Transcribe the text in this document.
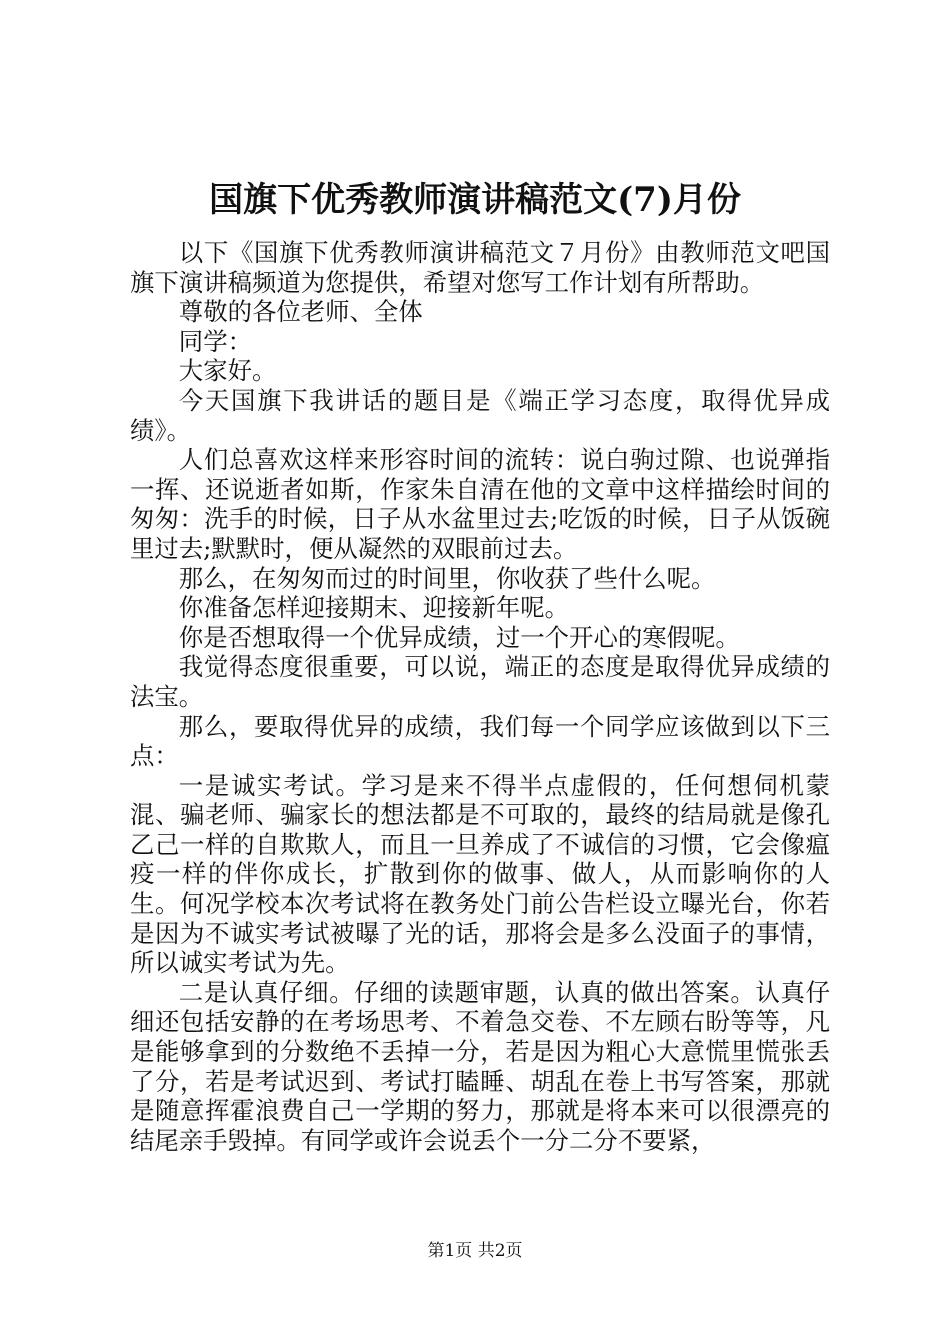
国旗下优秀教师演讲稿范文(7)月份

以下《国旗下优秀教师演讲稿范文７月份》由教师范文吧国旗下演讲稿频道为您提供，希望对您写工作计划有所帮助。

尊敬的各位老师、全体

同学：

大家好。

今天国旗下我讲话的题目是《端正学习态度，取得优异成绩》。

人们总喜欢这样来形容时间的流转：说白驹过隙、也说弹指一挥、还说逝者如斯，作家朱自清在他的文章中这样描绘时间的匆匆：洗手的时候，日子从水盆里过去;吃饭的时候，日子从饭碗里过去;默默时，便从凝然的双眼前过去。

那么，在匆匆而过的时间里，你收获了些什么呢。

你准备怎样迎接期末、迎接新年呢。

你是否想取得一个优异成绩，过一个开心的寒假呢。

我觉得态度很重要，可以说，端正的态度是取得优异成绩的法宝。

那么，要取得优异的成绩，我们每一个同学应该做到以下三点：

一是诚实考试。学习是来不得半点虚假的，任何想伺机蒙混、骗老师、骗家长的想法都是不可取的，最终的结局就是像孔乙己一样的自欺欺人，而且一旦养成了不诚信的习惯，它会像瘟疫一样的伴你成长，扩散到你的做事、做人，从而影响你的人生。何况学校本次考试将在教务处门前公告栏设立曝光台，你若是因为不诚实考试被曝了光的话，那将会是多么没面子的事情，所以诚实考试为先。

二是认真仔细。仔细的读题审题，认真的做出答案。认真仔细还包括安静的在考场思考、不着急交卷、不左顾右盼等等，凡是能够拿到的分数绝不丢掉一分，若是因为粗心大意慌里慌张丢了分，若是考试迟到、考试打瞌睡、胡乱在卷上书写答案，那就是随意挥霍浪费自己一学期的努力，那就是将本来可以很漂亮的结尾亲手毁掉。有同学或许会说丢个一分二分不要紧，

第1页 共2页
